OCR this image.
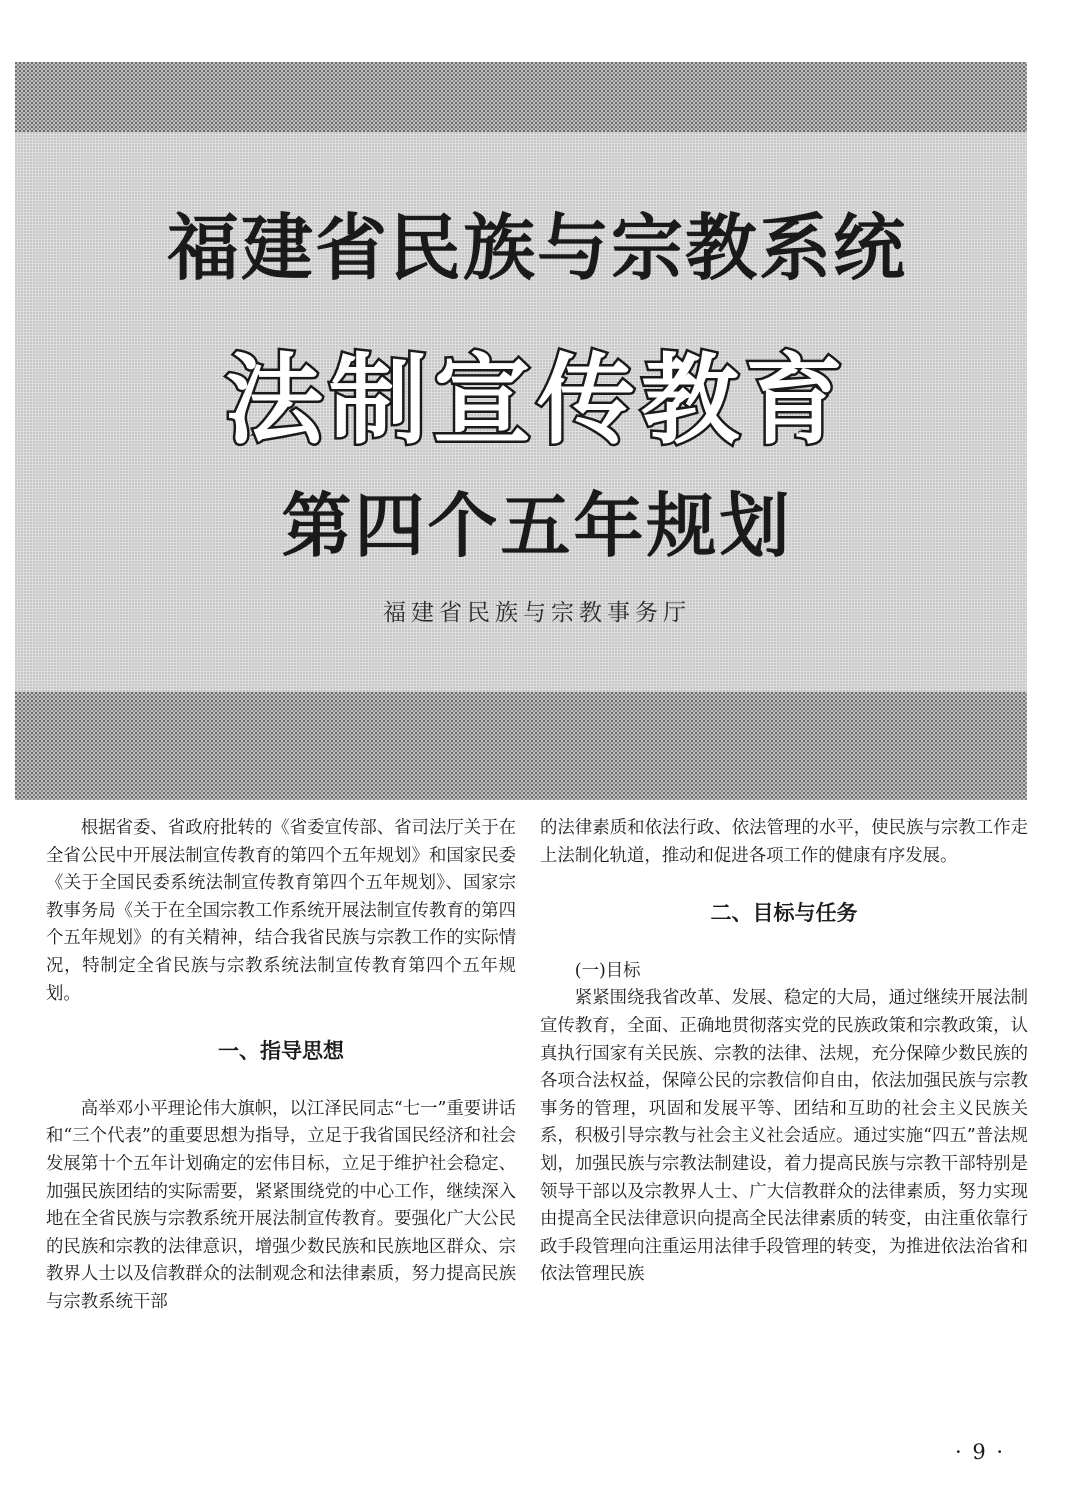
福建省民族与宗教系统
法制宣传教育
第四个五年规划
福建省民族与宗教事务厅

根据省委、省政府批转的《省委宣传部、省司法厅关于在全省公民中开展法制宣传教育的第四个五年规划》和国家民委《关于全国民委系统法制宣传教育第四个五年规划》、国家宗教事务局《关于在全国宗教工作系统开展法制宣传教育的第四个五年规划》的有关精神，结合我省民族与宗教工作的实际情况，特制定全省民族与宗教系统法制宣传教育第四个五年规划。

一、指导思想

高举邓小平理论伟大旗帜，以江泽民同志“七一”重要讲话和“三个代表”的重要思想为指导，立足于我省国民经济和社会发展第十个五年计划确定的宏伟目标，立足于维护社会稳定、加强民族团结的实际需要，紧紧围绕党的中心工作，继续深入地在全省民族与宗教系统开展法制宣传教育。要强化广大公民的民族和宗教的法律意识，增强少数民族和民族地区群众、宗教界人士以及信教群众的法制观念和法律素质，努力提高民族与宗教系统干部

的法律素质和依法行政、依法管理的水平，使民族与宗教工作走上法制化轨道，推动和促进各项工作的健康有序发展。

二、目标与任务

(一)目标

紧紧围绕我省改革、发展、稳定的大局，通过继续开展法制宣传教育，全面、正确地贯彻落实党的民族政策和宗教政策，认真执行国家有关民族、宗教的法律、法规，充分保障少数民族的各项合法权益，保障公民的宗教信仰自由，依法加强民族与宗教事务的管理，巩固和发展平等、团结和互助的社会主义民族关系，积极引导宗教与社会主义社会适应。通过实施“四五”普法规划，加强民族与宗教法制建设，着力提高民族与宗教干部特别是领导干部以及宗教界人士、广大信教群众的法律素质，努力实现由提高全民法律意识向提高全民法律素质的转变，由注重依靠行政手段管理向注重运用法律手段管理的转变，为推进依法治省和依法管理民族

· 9 ·
